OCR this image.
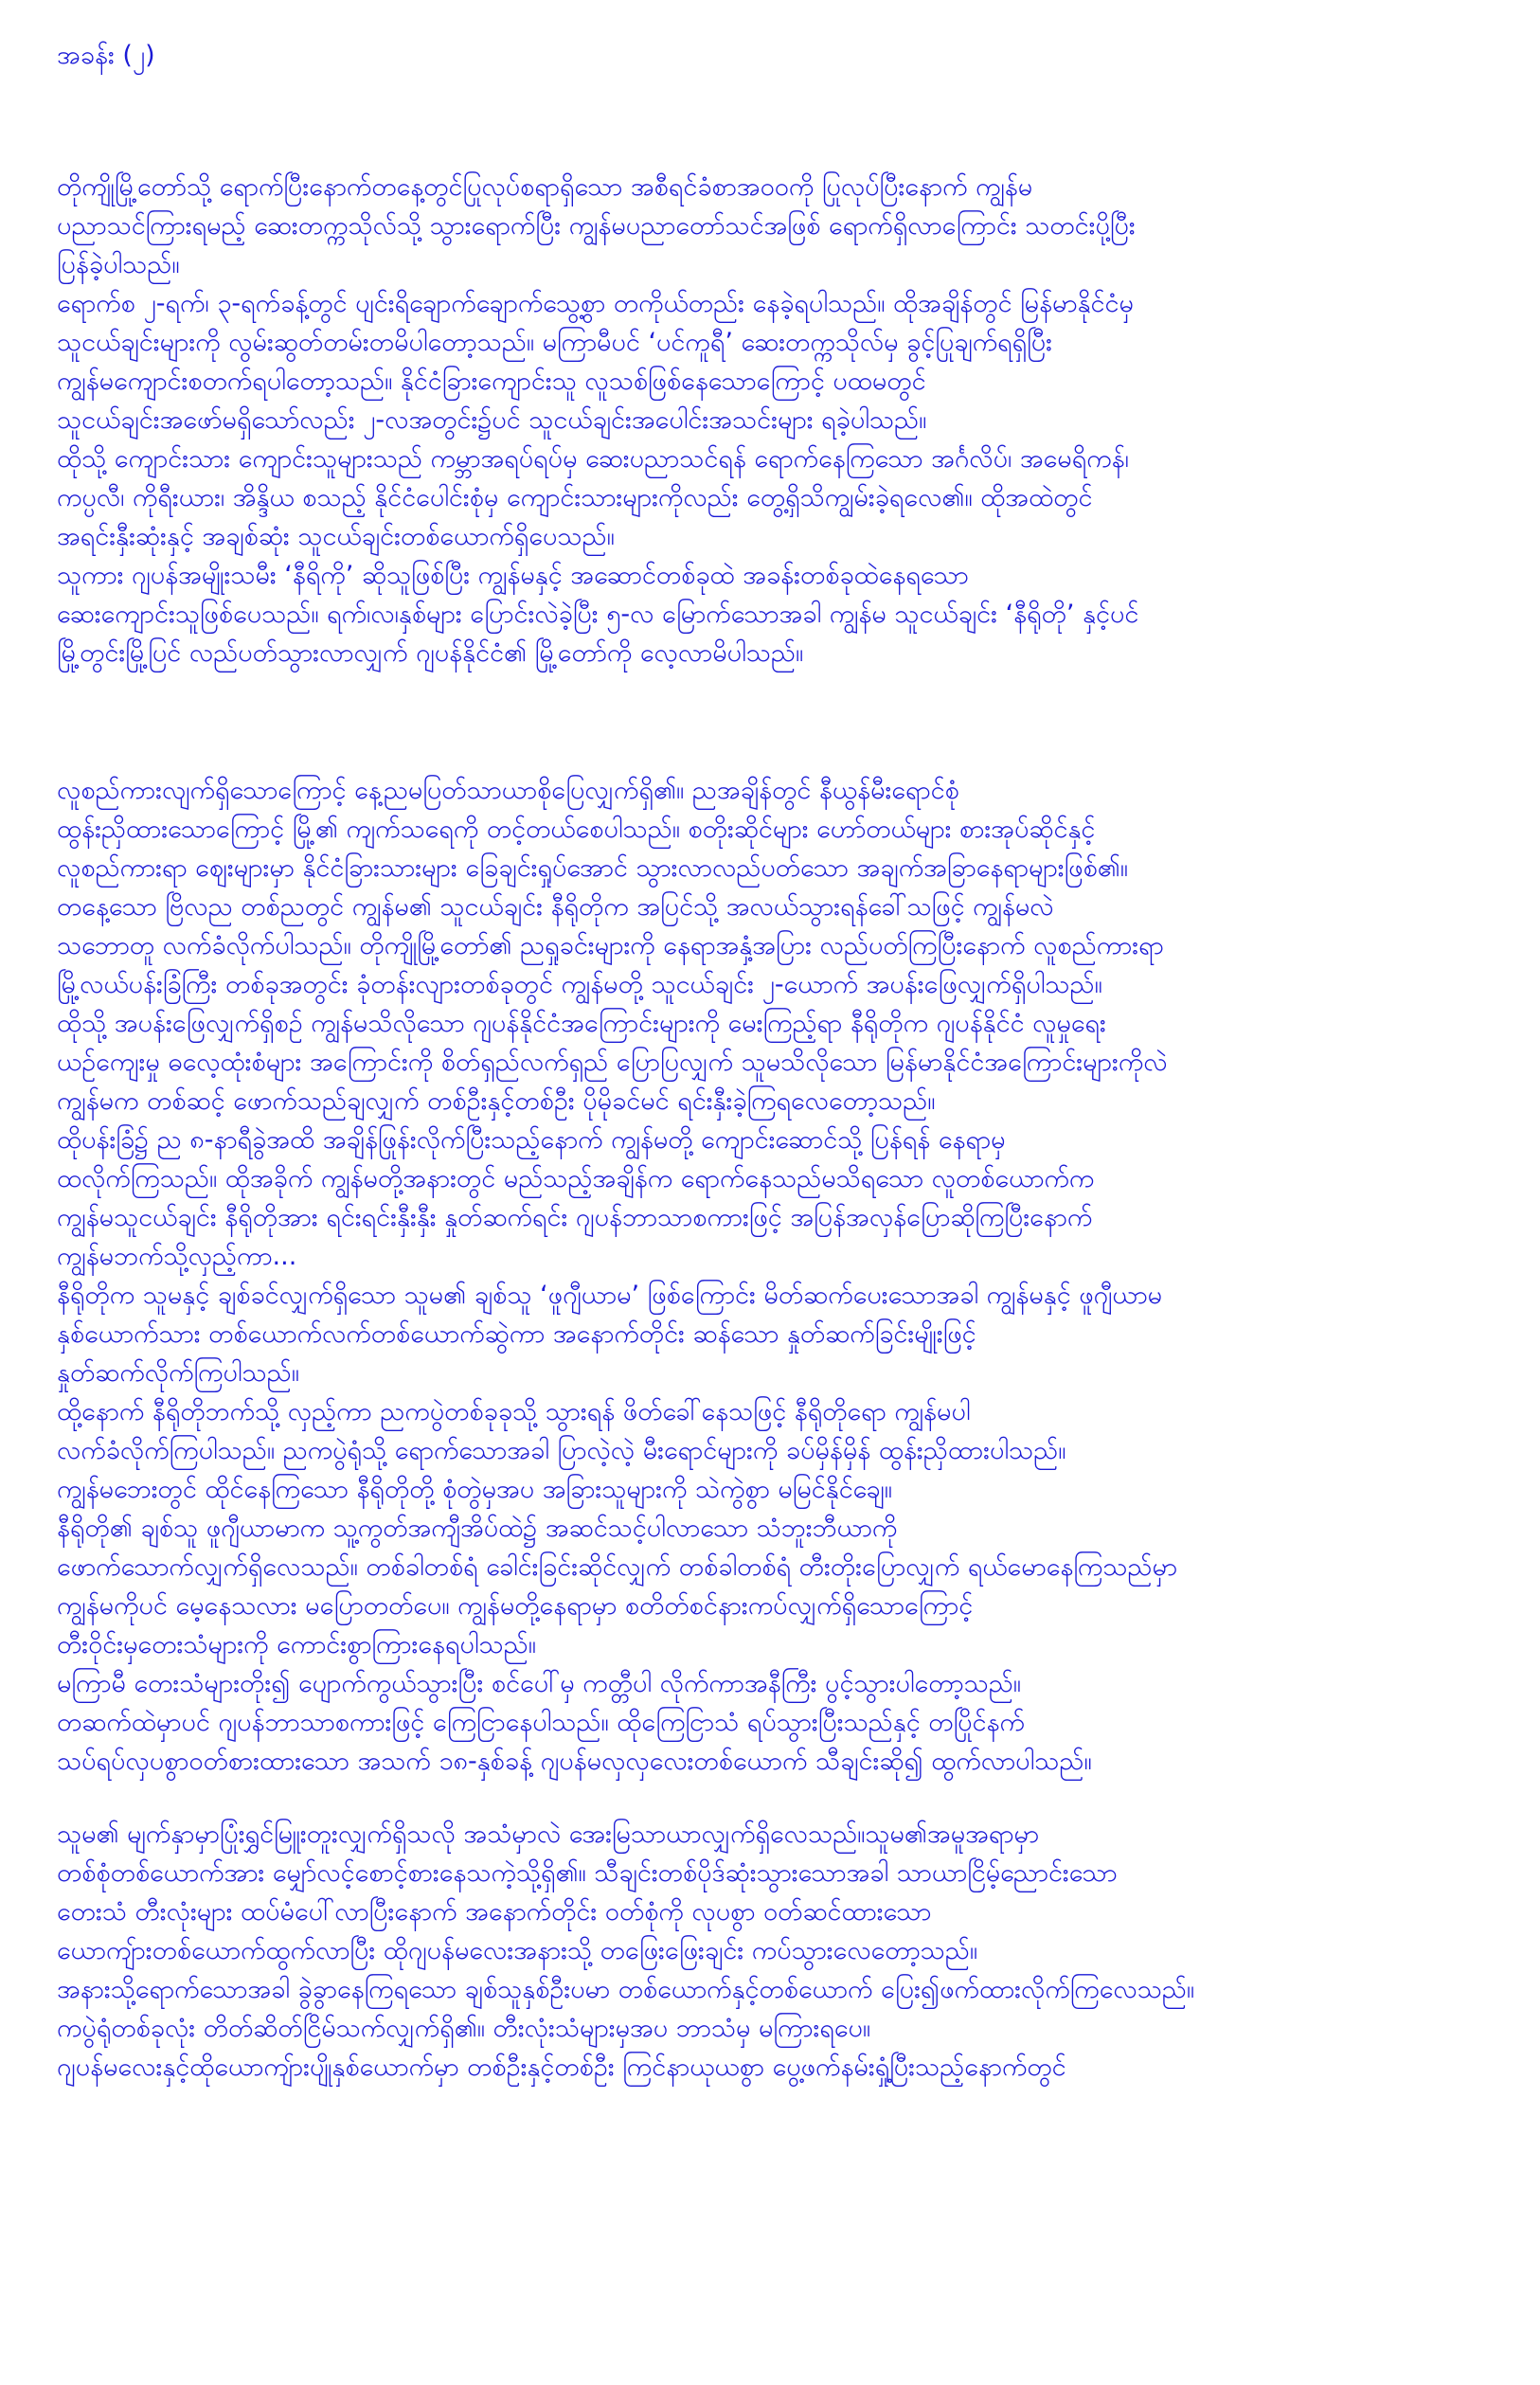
အခန်း (၂)
တိုကျိုမြို့တော်သို့ ရောက်ပြီးနောက်တနေ့တွင်ပြုလုပ်စရာရှိသော အစီရင်ခံစာအဝဝကို ပြုလုပ်ပြီးနောက် ကျွန်မ
ပညာသင်ကြားရမည့် ဆေးတက္ကသိုလ်သို့ သွားရောက်ပြီး ကျွန်မပညာတော်သင်အဖြစ် ရောက်ရှိလာကြောင်း သတင်းပို့ပြီး
ပြန်ခဲ့ပါသည်။
ရောက်စ ၂-ရက်၊ ၃-ရက်ခန့်တွင် ပျင်းရိချောက်ချောက်သွေ့စွာ တကိုယ်တည်း နေခဲ့ရပါသည်။ ထိုအချိန်တွင် မြန်မာနိုင်ငံမှ
သူငယ်ချင်းများကို လွမ်းဆွတ်တမ်းတမိပါတော့သည်။ မကြာမီပင် ‘ပင်ကူရီ’ ဆေးတက္ကသိုလ်မှ ခွင့်ပြုချက်ရရှိပြီး
ကျွန်မကျောင်းစတက်ရပါတော့သည်။ နိုင်ငံခြားကျောင်းသူ လူသစ်ဖြစ်နေသောကြောင့် ပထမတွင်
သူငယ်ချင်းအဖော်မရှိသော်လည်း ၂-လအတွင်း၌ပင် သူငယ်ချင်းအပေါင်းအသင်းများ ရခဲ့ပါသည်။
ထိုသို့ ကျောင်းသား ကျောင်းသူများသည် ကမ္ဘာအရပ်ရပ်မှ ဆေးပညာသင်ရန် ရောက်နေကြသော အင်္ဂလိပ်၊ အမေရိကန်၊
ကပ္ပလီ၊ ကိုရီးယား၊ အိန္ဒိယ စသည့် နိုင်ငံပေါင်းစုံမှ ကျောင်းသားများကိုလည်း တွေ့ရှိသိကျွမ်းခဲ့ရလေ၏။ ထိုအထဲတွင်
အရင်းနှီးဆုံးနှင့် အချစ်ဆုံး သူငယ်ချင်းတစ်ယောက်ရှိပေသည်။
သူကား ဂျပန်အမျိုးသမီး ‘နီရိကို’ ဆိုသူဖြစ်ပြီး ကျွန်မနှင့် အဆောင်တစ်ခုထဲ အခန်းတစ်ခုထဲနေရသော
ဆေးကျောင်းသူဖြစ်ပေသည်။ ရက်၊လ၊နှစ်များ ပြောင်းလဲခဲ့ပြီး ၅-လ မြောက်သောအခါ ကျွန်မ သူငယ်ချင်း ‘နီရိုတို’ နှင့်ပင်
မြို့တွင်းမြို့ပြင် လည်ပတ်သွားလာလျှက် ဂျပန်နိုင်ငံ၏ မြို့တော်ကို လေ့လာမိပါသည်။
လူစည်ကားလျက်ရှိသောကြောင့် နေ့ညမပြတ်သာယာစိုပြေလျှက်ရှိ၏။ ညအချိန်တွင် နီယွန်မီးရောင်စုံ
ထွန်းညှိထားသောကြောင့် မြို့၏ ကျက်သရေကို တင့်တယ်စေပါသည်။ စတိုးဆိုင်များ ဟော်တယ်များ စားအုပ်ဆိုင်နှင့်
လူစည်ကားရာ ဈေးများမှာ နိုင်ငံခြားသားများ ခြေချင်းရှုပ်အောင် သွားလာလည်ပတ်သော အချက်အခြာနေရာများဖြစ်၏။
တနေ့သော ဗြိလည တစ်ညတွင် ကျွန်မ၏ သူငယ်ချင်း နီရိုတိုက အပြင်သို့ အလယ်သွားရန်ခေါ်သဖြင့် ကျွန်မလဲ
သဘောတူ လက်ခံလိုက်ပါသည်။ တိုကျိုမြို့တော်၏ ညရှုခင်းများကို နေရာအနှံ့အပြား လည်ပတ်ကြပြီးနောက် လူစည်ကားရာ
မြို့လယ်ပန်းခြံကြီး တစ်ခုအတွင်း ခုံတန်းလျားတစ်ခုတွင် ကျွန်မတို့ သူငယ်ချင်း ၂-ယောက် အပန်းဖြေလျှက်ရှိပါသည်။
ထိုသို့ အပန်းဖြေလျှက်ရှိစဉ် ကျွန်မသိလိုသော ဂျပန်နိုင်ငံအကြောင်းများကို မေးကြည့်ရာ နီရိုတိုက ဂျပန်နိုင်ငံ လူမှုရေး
ယဉ်ကျေးမှု ဓလေ့ထုံးစံများ အကြောင်းကို စိတ်ရှည်လက်ရှည် ပြောပြလျှက် သူမသိလိုသော မြန်မာနိုင်ငံအကြောင်းများကိုလဲ
ကျွန်မက တစ်ဆင့် ဖောက်သည်ချလျှက် တစ်ဦးနှင့်တစ်ဦး ပိုမိုခင်မင် ရင်းနှီးခဲ့ကြရလေတော့သည်။
ထိုပန်းခြံ၌ ည ၈-နာရီခွဲအထိ အချိန်ဖြုန်းလိုက်ပြီးသည့်နောက် ကျွန်မတို့ ကျောင်းဆောင်သို့ ပြန်ရန် နေရာမှ
ထလိုက်ကြသည်။ ထိုအခိုက် ကျွန်မတို့အနားတွင် မည်သည့်အချိန်က ရောက်နေသည်မသိရသော လူတစ်ယောက်က
ကျွန်မသူငယ်ချင်း နီရိုတိုအား ရင်းရင်းနှီးနှီး နှုတ်ဆက်ရင်း ဂျပန်ဘာသာစကားဖြင့် အပြန်အလှန်ပြောဆိုကြပြီးနောက်
ကျွန်မဘက်သို့လှည့်ကာ...
နီရိုတိုက သူမနှင့် ချစ်ခင်လျှက်ရှိသော သူမ၏ ချစ်သူ ‘ဖူဂျီယာမ’ ဖြစ်ကြောင်း မိတ်ဆက်ပေးသောအခါ ကျွန်မနှင့် ဖူဂျီယာမ
နှစ်ယောက်သား တစ်ယောက်လက်တစ်ယောက်ဆွဲကာ အနောက်တိုင်း ဆန်သော နှုတ်ဆက်ခြင်းမျိုးဖြင့်
နှုတ်ဆက်လိုက်ကြပါသည်။
ထို့နောက် နီရိုတိုဘက်သို့ လှည့်ကာ ညကပွဲတစ်ခုခုသို့ သွားရန် ဖိတ်ခေါ်နေသဖြင့် နီရိုတိုရော ကျွန်မပါ
လက်ခံလိုက်ကြပါသည်။ ညကပွဲရုံသို့ ရောက်သောအခါ ပြာလဲ့လဲ့ မီးရောင်များကို ခပ်မှိန်မှိန် ထွန်းညှိထားပါသည်။
ကျွန်မဘေးတွင် ထိုင်နေကြသော နီရိုတိုတို့ စုံတွဲမှအပ အခြားသူများကို သဲကွဲစွာ မမြင်နိုင်ချေ။
နီရိုတို၏ ချစ်သူ ဖူဂျီယာမာက သူ့ကွတ်အကျီအိပ်ထဲ၌ အဆင်သင့်ပါလာသော သံဘူးဘီယာကို
ဖောက်သောက်လျှက်ရှိလေသည်။ တစ်ခါတစ်ရံ ခေါင်းခြင်းဆိုင်လျှက် တစ်ခါတစ်ရံ တီးတိုးပြောလျှက် ရယ်မောနေကြသည်မှာ
ကျွန်မကိုပင် မေ့နေသလား မပြောတတ်ပေ။ ကျွန်မတို့နေရာမှာ စတိတ်စင်နားကပ်လျှက်ရှိသောကြောင့်
တီးဝိုင်းမှတေးသံများကို ကောင်းစွာကြားနေရပါသည်။
မကြာမီ တေးသံများတိုး၍ ပျောက်ကွယ်သွားပြီး စင်ပေါ်မှ ကတ္တီပါ လိုက်ကာအနီကြီး ပွင့်သွားပါတော့သည်။
တဆက်ထဲမှာပင် ဂျပန်ဘာသာစကားဖြင့် ကြေငြာနေပါသည်။ ထိုကြေငြာသံ ရပ်သွားပြီးသည်နှင့် တပြိုင်နက်
သပ်ရပ်လှပစွာဝတ်စားထားသော အသက် ၁၈-နှစ်ခန့် ဂျပန်မလှလှလေးတစ်ယောက် သီချင်းဆို၍ ထွက်လာပါသည်။
သူမ၏ မျက်နှာမှာပြုံးရွှင်မြူးတူးလျှက်ရှိသလို အသံမှာလဲ အေးမြသာယာလျှက်ရှိလေသည်။သူမ၏အမူအရာမှာ
တစ်စုံတစ်ယောက်အား မျှော်လင့်စောင့်စားနေသကဲ့သို့ရှိ၏။ သီချင်းတစ်ပိုဒ်ဆုံးသွားသောအခါ သာယာငြိမ့်ညောင်းသော
တေးသံ တီးလုံးများ ထပ်မံပေါ်လာပြီးနောက် အနောက်တိုင်း ဝတ်စုံကို လုပစွာ ဝတ်ဆင်ထားသော
ယောကျ်ားတစ်ယောက်ထွက်လာပြီး ထိုဂျပန်မလေးအနားသို့ တဖြေးဖြေးချင်း ကပ်သွားလေတော့သည်။
အနားသို့ရောက်သောအခါ ခွဲခွာနေကြရသော ချစ်သူနှစ်ဦးပမာ တစ်ယောက်နှင့်တစ်ယောက် ပြေး၍ဖက်ထားလိုက်ကြလေသည်။
ကပွဲရုံတစ်ခုလုံး တိတ်ဆိတ်ငြိမ်သက်လျှက်ရှိ၏။ တီးလုံးသံများမှအပ ဘာသံမှ မကြားရပေ။
ဂျပန်မလေးနှင့်ထိုယောကျ်ားပျိုနှစ်ယောက်မှာ တစ်ဦးနှင့်တစ်ဦး ကြင်နာယုယစွာ ပွေ့ဖက်နမ်းရှုံ့ပြီးသည့်နောက်တွင်
